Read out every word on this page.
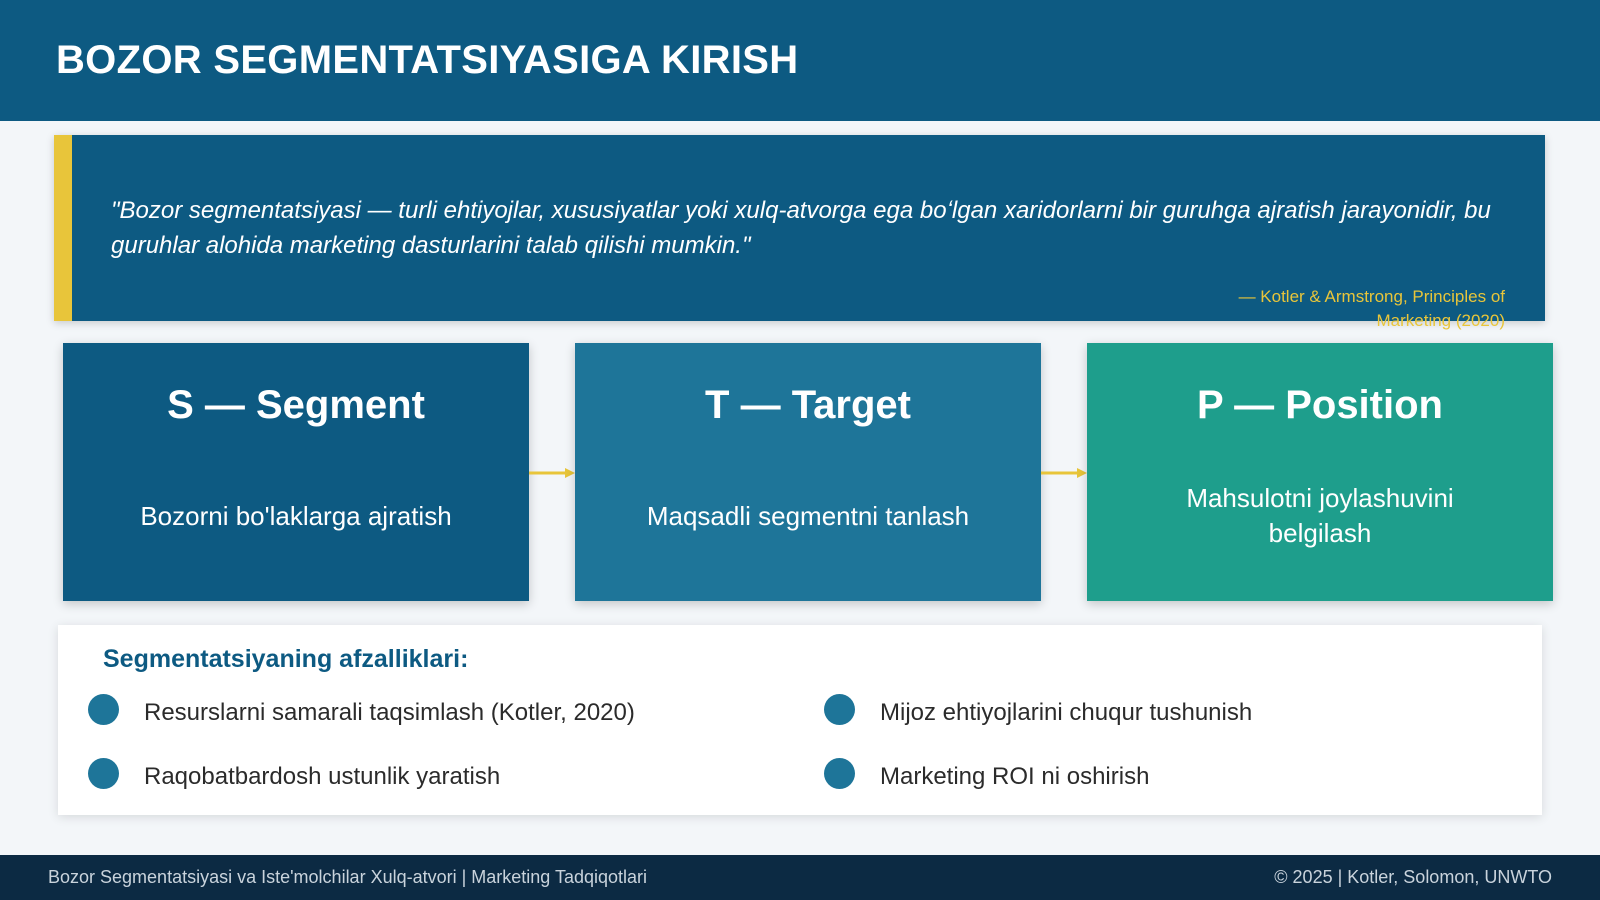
BOZOR SEGMENTATSIYASIGA KIRISH

"Bozor segmentatsiyasi — turli ehtiyojlar, xususiyatlar yoki xulq-atvorga ega boʻlgan xaridorlarni bir guruhga ajratish jarayonidir, bu guruhlar alohida marketing dasturlarini talab qilishi mumkin."

— Kotler & Armstrong, Principles of Marketing (2020)

S — Segment
Bozorni bo'laklarga ajratish
T — Target
Maqsadli segmentni tanlash
P — Position
Mahsulotni joylashuvini belgilash
Segmentatsiyaning afzalliklari:
Resurslarni samarali taqsimlash (Kotler, 2020)	Mijoz ehtiyojlarini chuqur tushunish
Raqobatbardosh ustunlik yaratish	Marketing ROI ni oshirish
Bozor Segmentatsiyasi va Iste'molchilar Xulq-atvori | Marketing Tadqiqotlari	© 2025 | Kotler, Solomon, UNWTO
